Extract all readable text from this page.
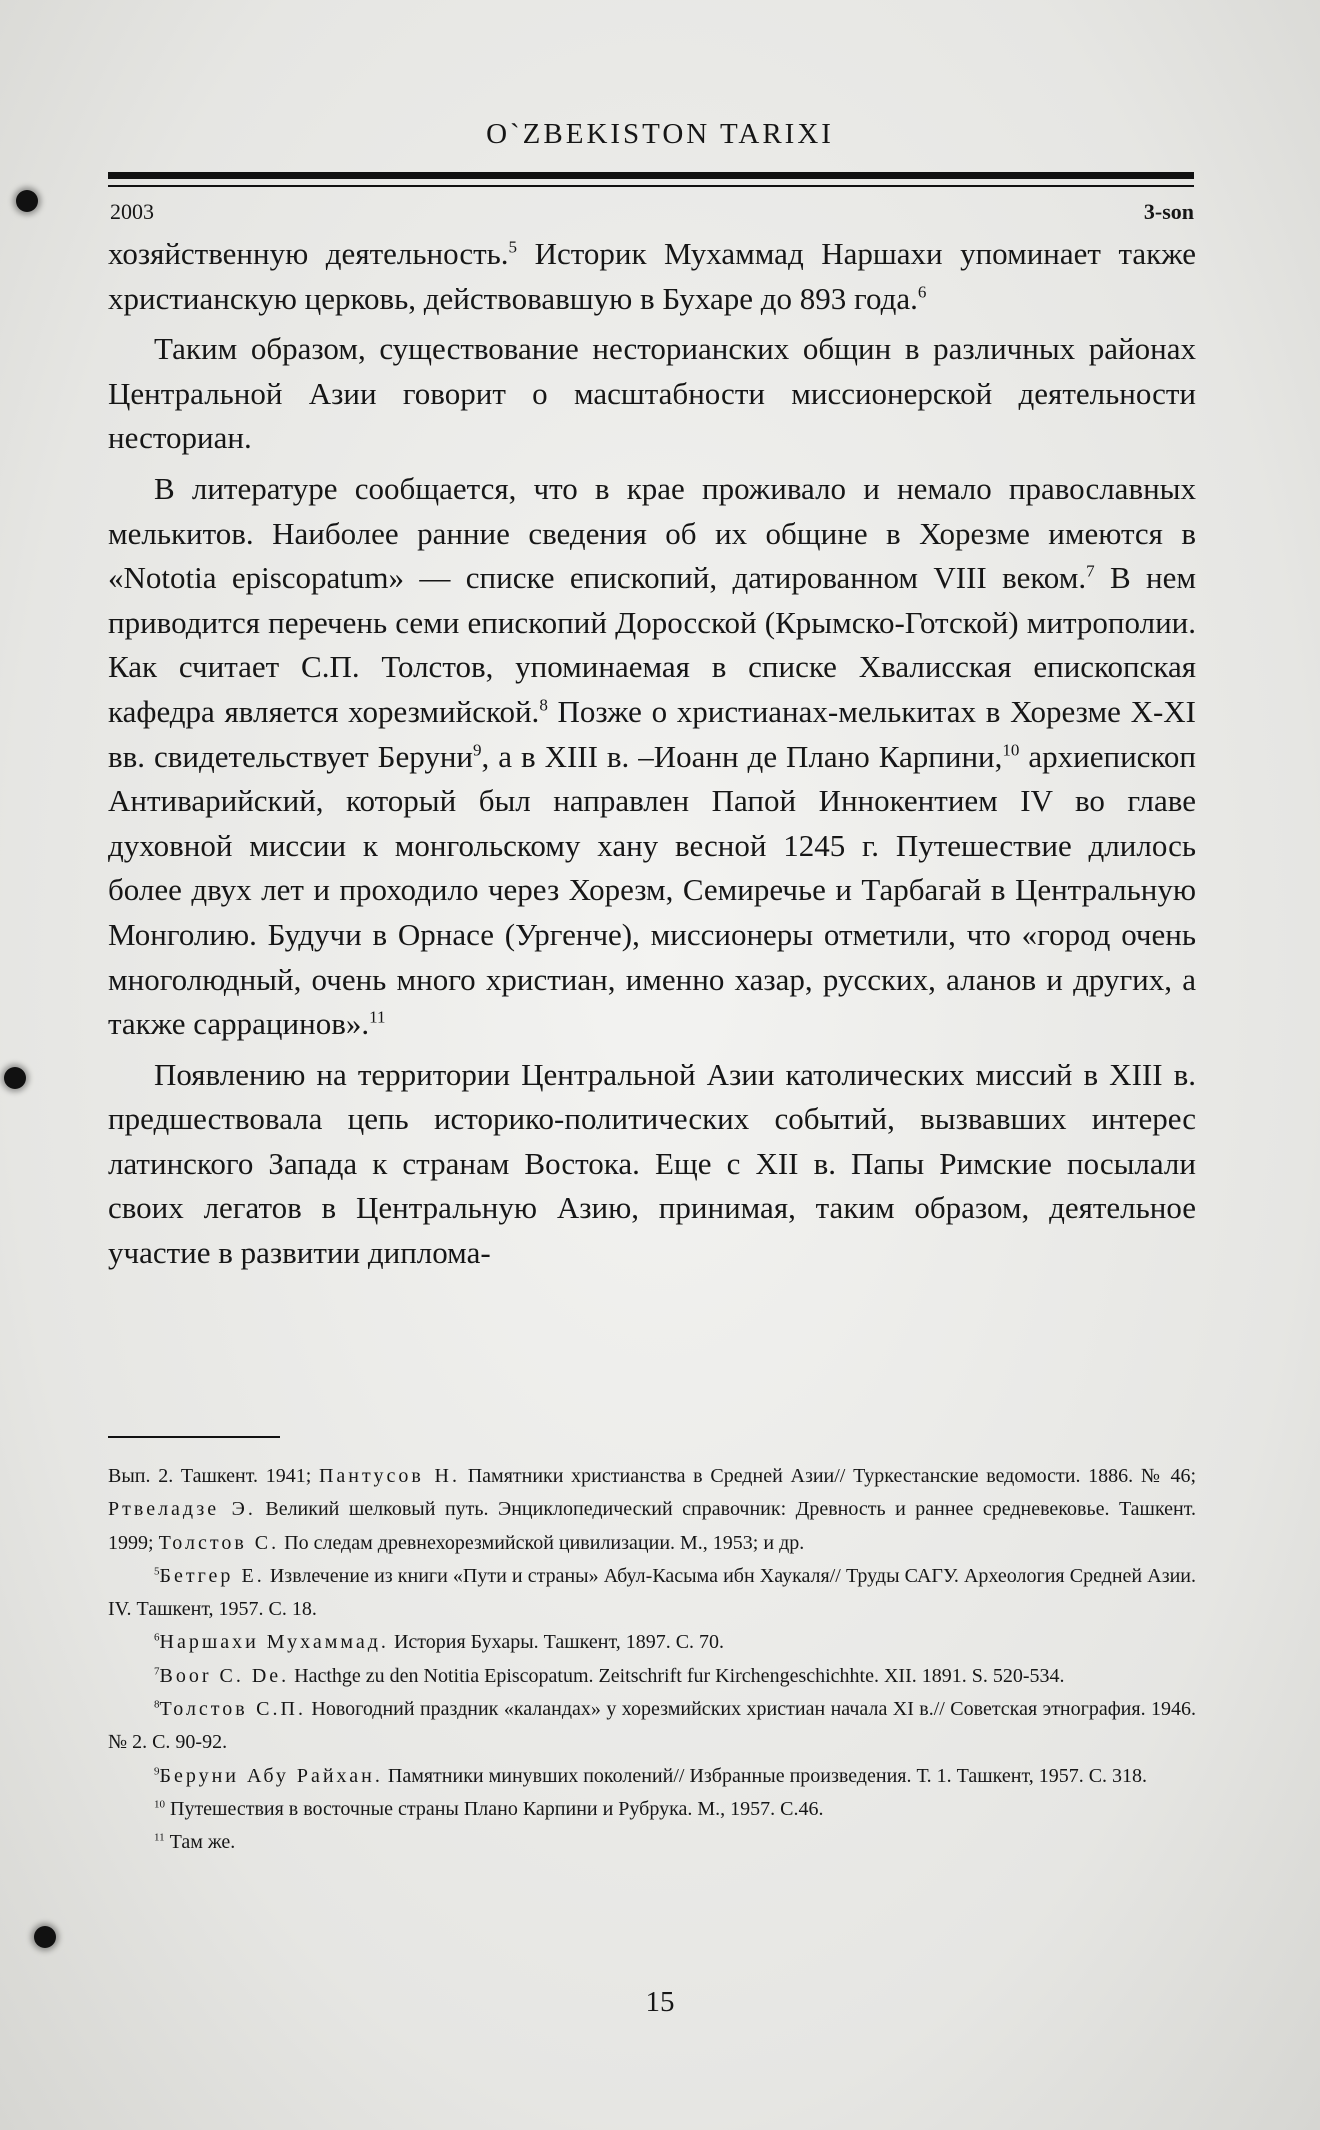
O`ZBEKISTON TARIXI
2003	3-son

хозяйственную деятельность.$^5$ Историк Мухаммад Наршахи упоминает также христианскую церковь, действовавшую в Бухаре до 893 года.$^6$

Таким образом, существование несторианских общин в различных районах Центральной Азии говорит о масштабности миссионерской деятельности несториан.

В литературе сообщается, что в крае проживало и немало православных мелькитов. Наиболее ранние сведения об их общине в Хорезме имеются в «Nototia episcopatum» — списке епископий, датированном VIII веком.$^7$ В нем приводится перечень семи епископий Доросской (Крымско-Готской) митрополии. Как считает С.П. Толстов, упоминаемая в списке Хвалисская епископская кафедра является хорезмийской.$^8$ Позже о христианах-мелькитах в Хорезме X-XI вв. свидетельствует Беруни$^9$, а в XIII в. –Иоанн де Плано Карпини,$^{10}$ архиепископ Антиварийский, который был направлен Папой Иннокентием IV во главе духовной миссии к монгольскому хану весной 1245 г. Путешествие длилось более двух лет и проходило через Хорезм, Семиречье и Тарбагай в Центральную Монголию. Будучи в Орнасе (Ургенче), миссионеры отметили, что «город очень многолюдный, очень много христиан, именно хазар, русских, аланов и других, а также саррацинов».$^{11}$

Появлению на территории Центральной Азии католических миссий в XIII в. предшествовала цепь историко-политических событий, вызвавших интерес латинского Запада к странам Востока. Еще с XII в. Папы Римские посылали своих легатов в Центральную Азию, принимая, таким образом, деятельное участие в развитии диплома-

Вып. 2. Ташкент. 1941; Пантусов Н. Памятники христианства в Средней Азии// Туркестанские ведомости. 1886. № 46; Ртвеладзе Э. Великий шелковый путь. Энциклопедический справочник: Древность и раннее средневековье. Ташкент. 1999; Толстов С. По следам древнехорезмийской цивилизации. М., 1953; и др.

$^5$Бетгер Е. Извлечение из книги «Пути и страны» Абул-Касыма ибн Хаукаля// Труды САГУ. Археология Средней Азии. IV. Ташкент, 1957. С. 18.

$^6$Наршахи Мухаммад. История Бухары. Ташкент, 1897. С. 70.

$^7$Boor C. De. Hacthge zu den Notitia Episcopatum. Zeitschrift fur Kirchengeschichhte. XII. 1891. S. 520-534.

$^8$Толстов С.П. Новогодний праздник «каландах» у хорезмийских христиан начала XI в.// Советская этнография. 1946. № 2. С. 90-92.

$^9$Беруни Абу Райхан. Памятники минувших поколений// Избранные произведения. Т. 1. Ташкент, 1957. С. 318.

$^{10}$ Путешествия в восточные страны Плано Карпини и Рубрука. М., 1957. С.46.

$^{11}$ Там же.

15
